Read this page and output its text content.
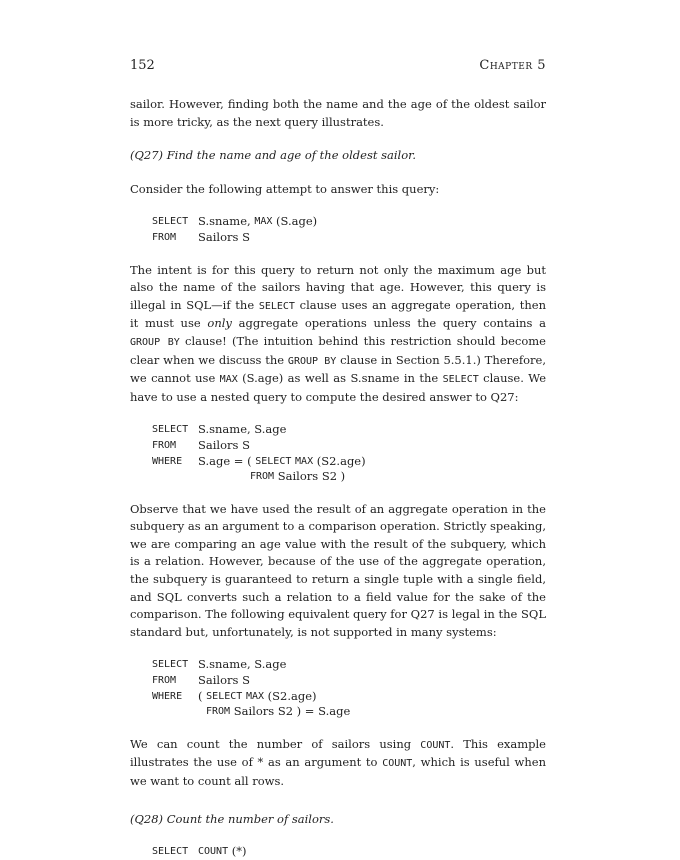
152	Chapter 5

sailor. However, finding both the name and the age of the oldest sailor is more tricky, as the next query illustrates.

(Q27) Find the name and age of the oldest sailor.

Consider the following attempt to answer this query:

SELECT S.sname, MAX (S.age)
FROM	Sailors S

The intent is for this query to return not only the maximum age but also the name of the sailors having that age. However, this query is illegal in SQL—if the SELECT clause uses an aggregate operation, then it must use only aggregate operations unless the query contains a GROUP BY clause! (The intuition behind this restriction should become clear when we discuss the GROUP BY clause in Section 5.5.1.) Therefore, we cannot use MAX (S.age) as well as S.sname in the SELECT clause. We have to use a nested query to compute the desired answer to Q27:

SELECT S.sname, S.age
FROM	Sailors S
WHERE	S.age = ( SELECT
MAX (S2.age)
FROM Sailors S2 )

Observe that we have used the result of an aggregate operation in the subquery as an argument to a comparison operation. Strictly speaking, we are comparing an age value with the result of the subquery, which is a relation. However, because of the use of the aggregate operation, the subquery is guaranteed to return a single tuple with a single field, and SQL converts such a relation to a field value for the sake of the comparison. The following equivalent query for Q27 is legal in the SQL standard but, unfortunately, is not supported in many systems:

SELECT S.sname, S.age
FROM	Sailors S
WHERE	( SELECT
MAX (S2.age)
FROM Sailors S2 ) = S.age

We can count the number of sailors using COUNT. This example illustrates the use of * as an argument to COUNT, which is useful when we want to count all rows.

(Q28) Count the number of sailors.

SELECT COUNT (*)
